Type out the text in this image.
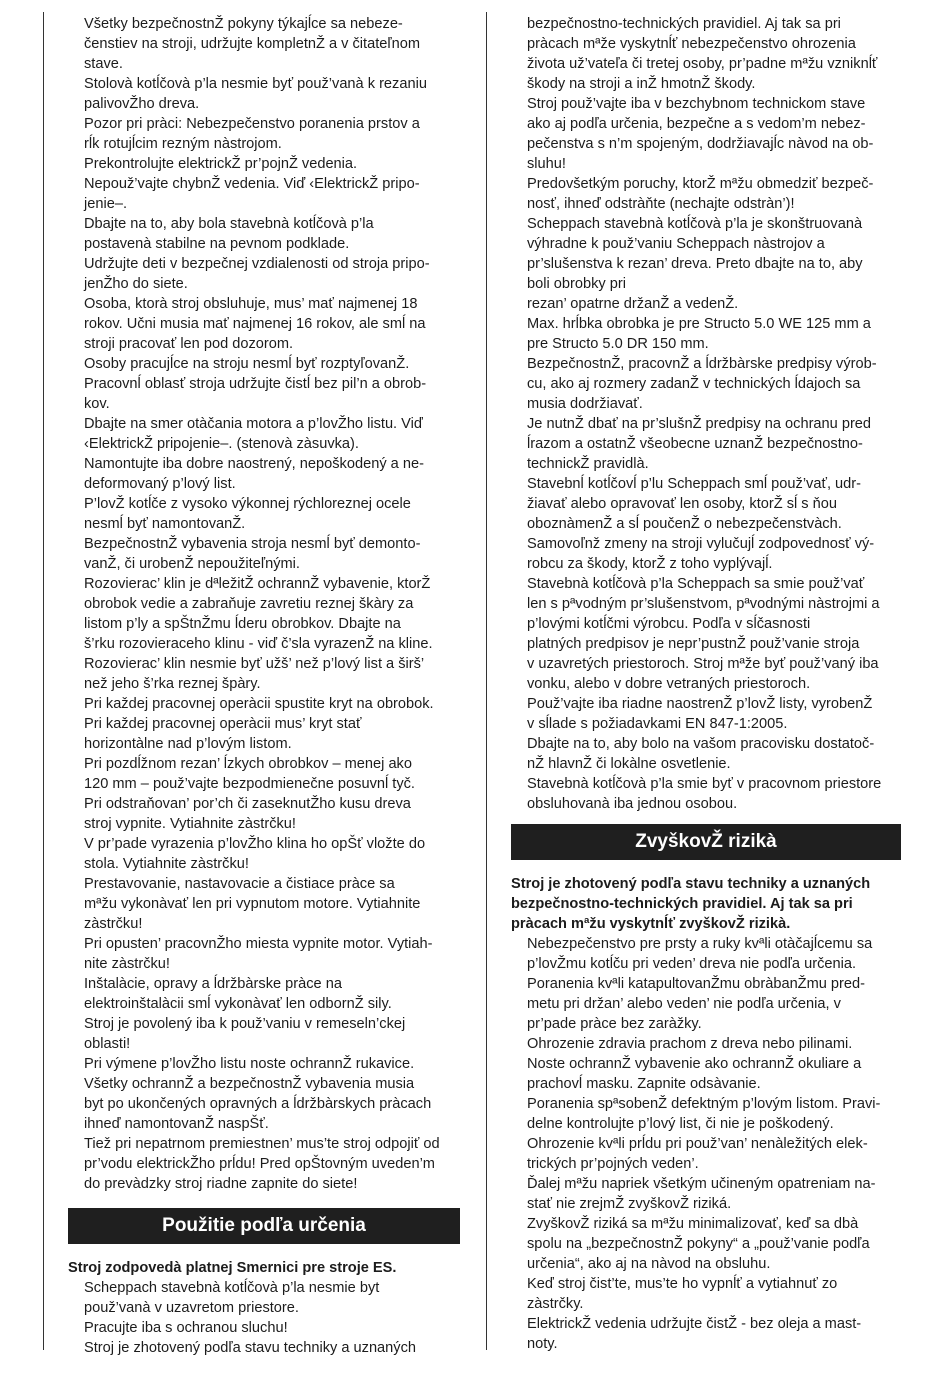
Všetky bezpečnostnŽ pokyny týkajĺce sa nebeze-
čenstiev na stroji, udržujte kompletnŽ a v čitateľnom
stave.

Stolovà kotĺčovà p’la nesmie byť použ’vanà k rezaniu
palivovŽho dreva.

Pozor pri pràci: Nebezpečenstvo poranenia prstov a
rĺk rotujĺcim rezným nàstrojom.

Prekontrolujte elektrickŽ pr’pojnŽ vedenia.

Nepouž’vajte chybnŽ vedenia. Viď ‹ElektrickŽ pripo-
jenie–.

Dbajte na to, aby bola stavebnà kotĺčovà p’la
postavenà stabilne na pevnom podklade.

Udržujte deti v bezpečnej vzdialenosti od stroja pripo-
jenŽho do siete.

Osoba, ktorà stroj obsluhuje, mus’ mať najmenej 18
rokov. Učni musia mať najmenej 16 rokov, ale smĺ na
stroji pracovať len pod dozorom.

Osoby pracujĺce na stroju nesmĺ byť rozptyľovanŽ.

Pracovnĺ oblasť stroja udržujte čistĺ bez pil’n a obrob-
kov.

Dbajte na smer otàčania motora a p’lovŽho listu. Viď
‹ElektrickŽ pripojenie–. (stenovà zàsuvka).

Namontujte iba dobre naostrený, nepoškodený a ne-
deformovaný p’lový list.

P’lovŽ kotĺče z vysoko výkonnej rýchloreznej ocele
nesmĺ byť namontovanŽ.

BezpečnostnŽ vybavenia stroja nesmĺ byť demonto-
vanŽ, či urobenŽ nepoužiteľnými.

Rozovierac’ klin je dªležitŽ ochrannŽ vybavenie, ktorŽ
obrobok vedie a zabraňuje zavretiu reznej škàry za
listom p’ly a spŠtnŽmu ĺderu obrobkov. Dbajte na
š’rku rozovieraceho klinu - viď č’sla vyrazenŽ na kline.

Rozovierac’ klin nesmie byť užš’ než p’lový list a širš’
než jeho š’rka reznej špàry.

Pri každej pracovnej operàcii spustite kryt na obrobok.
Pri každej pracovnej operàcii mus’ kryt stať
horizontàlne nad p’lovým listom.

Pri pozdĺžnom rezan’ ĺzkych obrobkov – menej ako
120 mm – použ’vajte bezpodmienečne posuvnĺ tyč.

Pri odstraňovan’ por’ch či zaseknutŽho kusu dreva
stroj vypnite. Vytiahnite zàstrčku!

V pr’pade vyrazenia p’lovŽho klina ho opŠť vložte do
stola. Vytiahnite zàstrčku!

Prestavovanie, nastavovacie a čistiace pràce sa
mªžu vykonàvať len pri vypnutom motore. Vytiahnite
zàstrčku!

Pri opusten’ pracovnŽho miesta vypnite motor. Vytiah-
nite zàstrčku!

Inštalàcie, opravy a ĺdržbàrske pràce na
elektroinštalàcii smĺ vykonàvať len odbornŽ sily.

Stroj je povolený iba k použ’vaniu v remeseln’ckej
oblasti!

Pri výmene p’lovŽho listu noste ochrannŽ rukavice.

Všetky ochrannŽ a bezpečnostnŽ vybavenia musia
byt po ukončených opravných a ĺdržbàrskych pràcach
ihneď namontovanŽ naspŠť.

Tiež pri nepatrnom premiestnen’ mus’te stroj odpojiť od
pr’vodu elektrickŽho prĺdu! Pred opŠtovným uveden’m
do prevàdzky stroj riadne zapnite do siete!

Použitie podľa určenia

Stroj zodpovedà platnej Smernici pre stroje ES.

Scheppach stavebnà kotĺčovà p’la nesmie byt
použ’vanà v uzavretom priestore.

Pracujte iba s ochranou sluchu!

Stroj je zhotovený podľa stavu techniky a uznaných

bezpečnostno-technických pravidiel. Aj tak sa pri
pràcach mªže vyskytnĺť nebezpečenstvo ohrozenia
života už’vateľa či tretej osoby, pr’padne mªžu vzniknĺť
škody na stroji a inŽ hmotnŽ škody.

Stroj použ’vajte iba v bezchybnom technickom stave
ako aj podľa určenia, bezpečne a s vedom’m nebez-
pečenstva s n’m spojeným, dodržiavajĺc nàvod na ob-
sluhu!

Predovšetkým poruchy, ktorŽ mªžu obmedziť bezpeč-
nosť, ihneď odstràňte (nechajte odstràn’)!

Scheppach stavebnà kotĺčovà p’la je skonštruovanà
výhradne k použ’vaniu Scheppach nàstrojov a
pr’slušenstva k rezan’ dreva. Preto dbajte na to, aby
boli obrobky pri
rezan’ opatrne držanŽ a vedenŽ.

Max. hrĺbka obrobka je pre Structo 5.0 WE 125 mm a
pre Structo 5.0 DR 150 mm.

BezpečnostnŽ, pracovnŽ a ĺdržbàrske predpisy výrob-
cu, ako aj rozmery zadanŽ v technických ĺdajoch sa
musia dodržiavať.

Je nutnŽ dbať na pr’slušnŽ predpisy na ochranu pred
ĺrazom a ostatnŽ všeobecne uznanŽ bezpečnostno-
technickŽ pravidlà.

Stavebnĺ kotĺčovĺ p’lu Scheppach smĺ použ’vať, udr-
žiavať alebo opravovať len osoby, ktorŽ sĺ s ňou
oboznàmenŽ a sĺ poučenŽ o nebezpečenstvàch.

Samovoľnž zmeny na stroji vylučujĺ zodpovednosť vý-
robcu za škody, ktorŽ z toho vyplývajĺ.

Stavebnà kotĺčovà p’la Scheppach sa smie použ’vať
len s pªvodným pr’slušenstvom, pªvodnými nàstrojmi a
p’lovými kotĺčmi výrobcu. Podľa v sĺčasnosti
platných predpisov je nepr’pustnŽ použ’vanie stroja
v uzavretých priestoroch. Stroj mªže byť použ’vaný iba
vonku, alebo v dobre vetraných priestoroch.

Použ’vajte iba riadne naostrenŽ p’lovŽ listy, vyrobenŽ
v sĺlade s požiadavkami EN 847-1:2005.

Dbajte na to, aby bolo na vašom pracovisku dostatoč-
nŽ hlavnŽ či lokàlne osvetlenie.

Stavebnà kotĺčovà p’la smie byť v pracovnom priestore
obsluhovanà iba jednou osobou.

ZvyškovŽ rizikà

Stroj je zhotovený podľa stavu techniky a uznaných
bezpečnostno-technických pravidiel. Aj tak sa pri
pràcach mªžu vyskytnĺť zvyškovŽ rizikà.

Nebezpečenstvo pre prsty a ruky kvªli otàčajĺcemu sa
p’lovŽmu kotĺču pri veden’ dreva nie podľa určenia.

Poranenia kvªli katapultovanŽmu obràbanŽmu pred-
metu pri držan’ alebo veden’ nie podľa určenia, v
pr’pade pràce bez zaràžky.

Ohrozenie zdravia prachom z dreva nebo pilinami.
Noste ochrannŽ vybavenie ako ochrannŽ okuliare a
prachovĺ masku. Zapnite odsàvanie.

Poranenia spªsobenŽ defektným p’lovým listom. Pravi-
delne kontrolujte p’lový list, či nie je poškodený.

Ohrozenie kvªli prĺdu pri použ’van’ nenàležitých elek-
trických pr’pojných veden’.

Ďalej mªžu napriek všetkým učineným opatreniam na-
stať nie zrejmŽ zvyškovŽ riziká.

ZvyškovŽ riziká sa mªžu minimalizovať, keď sa dbà
spolu na „bezpečnostnŽ pokyny“ a „použ’vanie podľa
určenia“, ako aj na nàvod na obsluhu.

Keď stroj čist’te, mus’te ho vypnĺť a vytiahnuť zo
zàstrčky.

ElektrickŽ vedenia udržujte čistŽ - bez oleja a mast-
noty.
